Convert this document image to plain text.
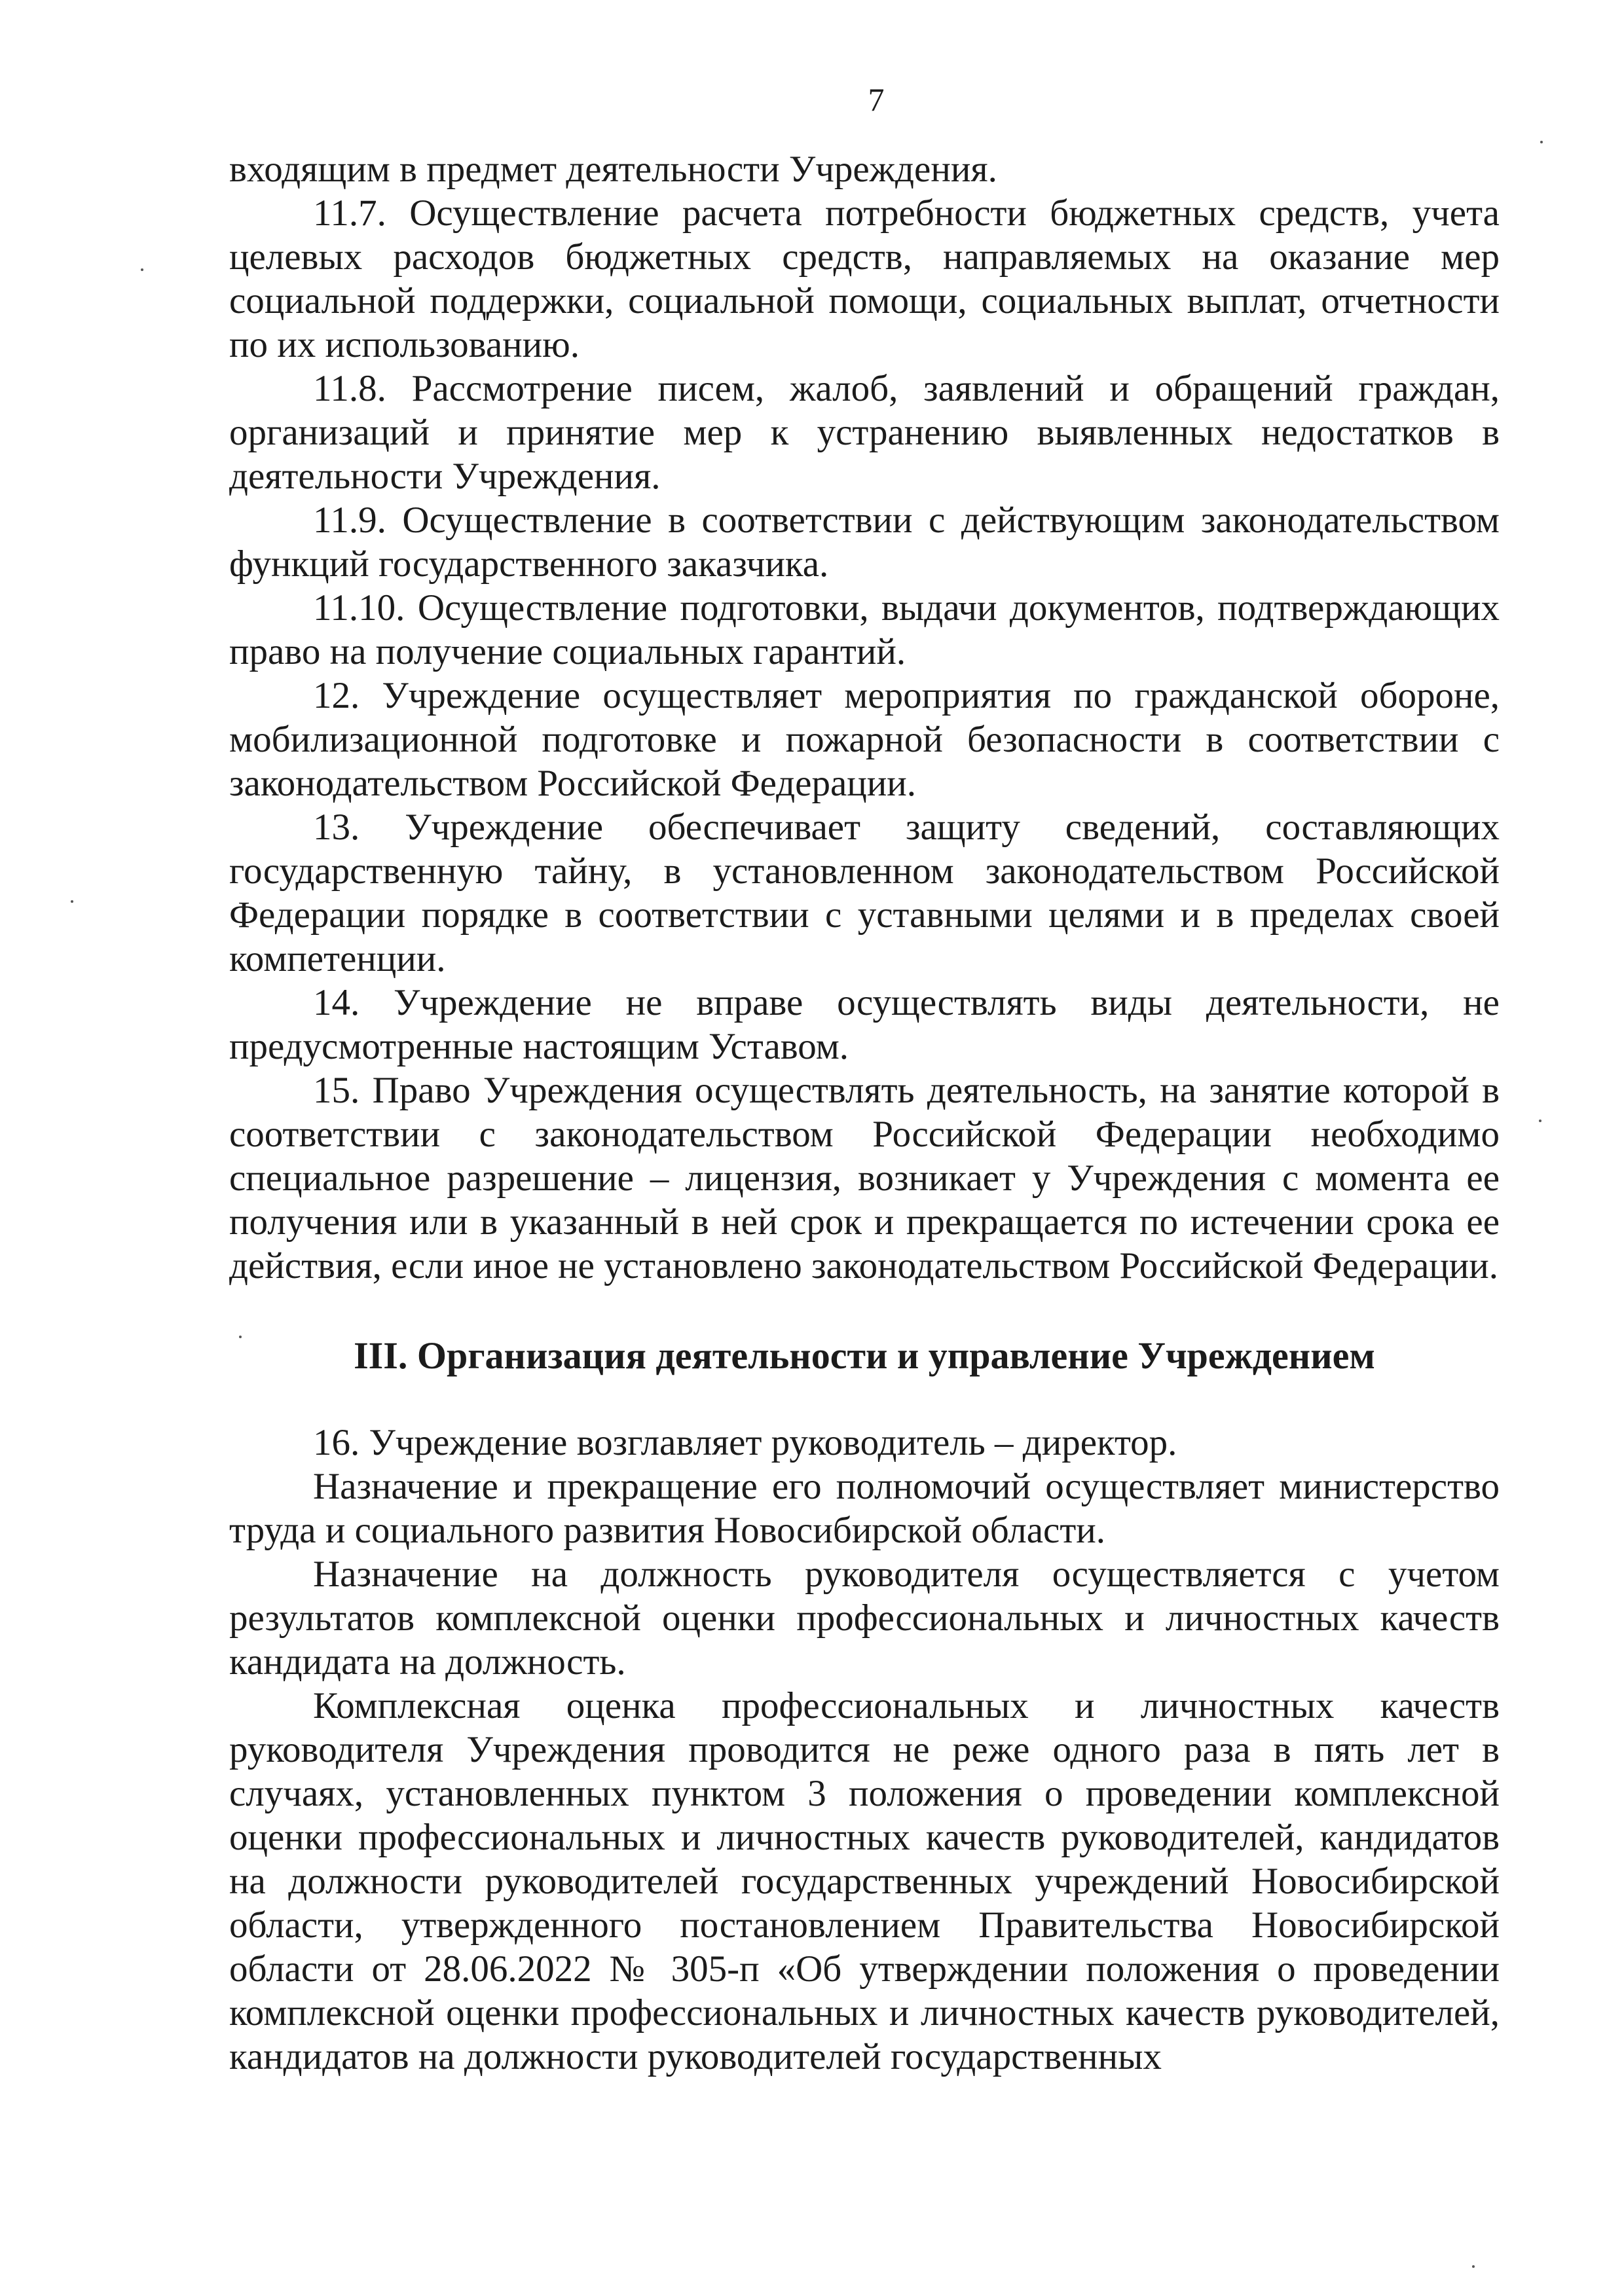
7

входящим в предмет деятельности Учреждения.

11.7. Осуществление расчета потребности бюджетных средств, учета целевых расходов бюджетных средств, направляемых на оказание мер социальной поддержки, социальной помощи, социальных выплат, отчетности по их использованию.

11.8. Рассмотрение писем, жалоб, заявлений и обращений граждан, организаций и принятие мер к устранению выявленных недостатков в деятельности Учреждения.

11.9. Осуществление в соответствии с действующим законодательством функций государственного заказчика.

11.10. Осуществление подготовки, выдачи документов, подтверждающих право на получение социальных гарантий.

12. Учреждение осуществляет мероприятия по гражданской обороне, мобилизационной подготовке и пожарной безопасности в соответствии с законодательством Российской Федерации.

13. Учреждение обеспечивает защиту сведений, составляющих государственную тайну, в установленном законодательством Российской Федерации порядке в соответствии с уставными целями и в пределах своей компетенции.

14. Учреждение не вправе осуществлять виды деятельности, не предусмотренные настоящим Уставом.

15. Право Учреждения осуществлять деятельность, на занятие которой в соответствии с законодательством Российской Федерации необходимо специальное разрешение – лицензия, возникает у Учреждения с момента ее получения или в указанный в ней срок и прекращается по истечении срока ее действия, если иное не установлено законодательством Российской Федерации.

III. Организация деятельности и управление Учреждением

16. Учреждение возглавляет руководитель – директор.

Назначение и прекращение его полномочий осуществляет министерство труда и социального развития Новосибирской области.

Назначение на должность руководителя осуществляется с учетом результатов комплексной оценки профессиональных и личностных качеств кандидата на должность.

Комплексная оценка профессиональных и личностных качеств руководителя Учреждения проводится не реже одного раза в пять лет в случаях, установленных пунктом 3 положения о проведении комплексной оценки профессиональных и личностных качеств руководителей, кандидатов на должности руководителей государственных учреждений Новосибирской области, утвержденного постановлением Правительства Новосибирской области от 28.06.2022 № 305-п «Об утверждении положения о проведении комплексной оценки профессиональных и личностных качеств руководителей, кандидатов на должности руководителей государственных
